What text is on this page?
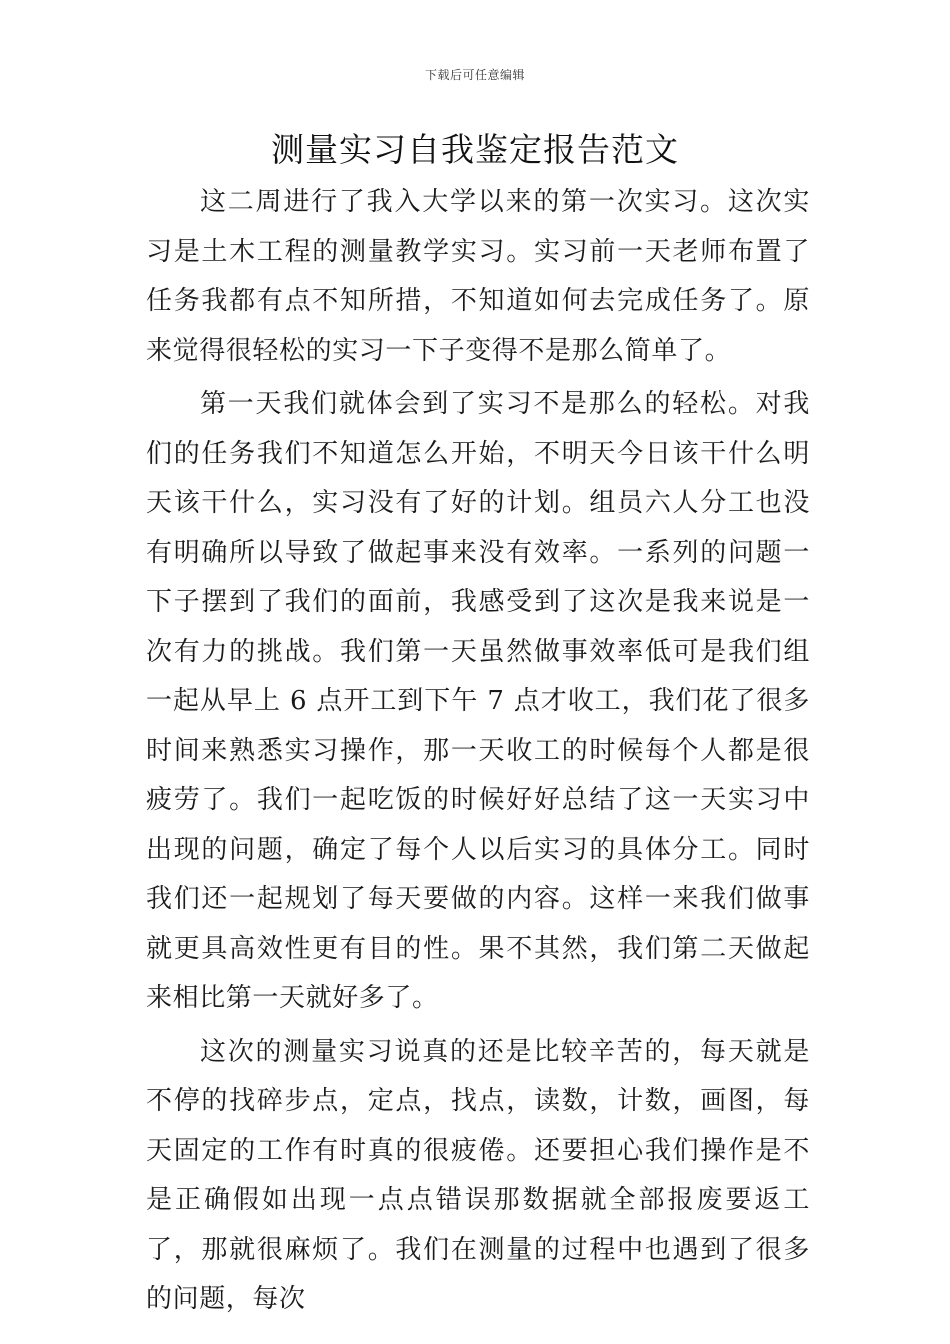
下载后可任意编辑
测量实习自我鉴定报告范文

这二周进行了我入大学以来的第一次实习。这次实习是土木工程的测量教学实习。实习前一天老师布置了任务我都有点不知所措，不知道如何去完成任务了。原来觉得很轻松的实习一下子变得不是那么简单了。

第一天我们就体会到了实习不是那么的轻松。对我们的任务我们不知道怎么开始，不明天今日该干什么明天该干什么，实习没有了好的计划。组员六人分工也没有明确所以导致了做起事来没有效率。一系列的问题一下子摆到了我们的面前，我感受到了这次是我来说是一次有力的挑战。我们第一天虽然做事效率低可是我们组一起从早上 6 点开工到下午 7 点才收工，我们花了很多时间来熟悉实习操作，那一天收工的时候每个人都是很疲劳了。我们一起吃饭的时候好好总结了这一天实习中出现的问题，确定了每个人以后实习的具体分工。同时我们还一起规划了每天要做的内容。这样一来我们做事就更具高效性更有目的性。果不其然，我们第二天做起来相比第一天就好多了。

这次的测量实习说真的还是比较辛苦的，每天就是不停的找碎步点，定点，找点，读数，计数，画图，每天固定的工作有时真的很疲倦。还要担心我们操作是不是正确假如出现一点点错误那数据就全部报废要返工了，那就很麻烦了。我们在测量的过程中也遇到了很多的问题，每次
